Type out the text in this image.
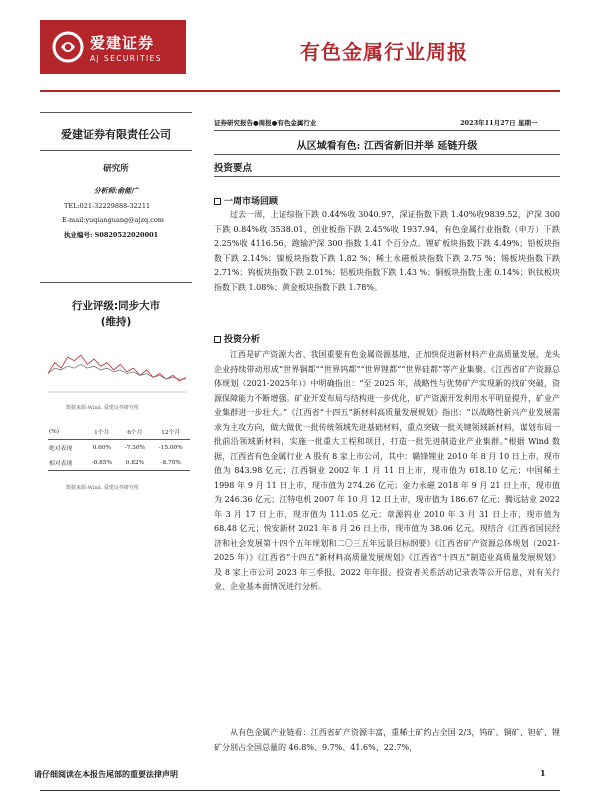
爱建证券
AJ SECURITIES	有色金属行业周报
爱建证券有限责任公司
研究所
分析师:俞能广
TEL:021-32229888-32211
E-mail:yuqianguang@ajzq.com
执业编号: S0820522020001
行业评级:同步大市
(维持)
数据来源:Wind, 爱建证券研究所
(%)	1个月	6个月	12个月
绝对表现	0.60%	-7.30%	-15.00%
相对表现	-0.85%	0.82%	-8.70%
数据来源:Wind, 爱建证券研究所
证券研究报告●周报●有色金属行业	2023年11月27日 星期一
从区域看有色: 江西省新旧并举 延链升级
投资要点
一周市场回顾
过去一周，上证综指下跌 0.44%收 3040.97，深证指数下跌 1.40%收9839.52，沪深 300 下跌 0.84%收 3538.01，创业板指下跌 2.45%收 1937.94，有色金属行业指数（申万）下跌 2.25%收 4116.56，跑输沪深 300 指数 1.41 个百分点。锂矿板块指数下跌 4.49%；铅板块指数下跌 2.14%；镍板块指数下跌 1.82 %；稀土永磁板块指数下跌 2.75 %；锡板块指数下跌 2.71%；钨板块指数下跌 2.01%；铝板块指数下跌 1.43 %；铜板块指数上涨 0.14%；钒钛板块指数下跌 1.08%；黄金板块指数下跌 1.78%。
投资分析
江西是矿产资源大省、我国重要有色金属资源基地，正加快促进新材料产业高质量发展，龙头企业持续带动形成“世界铜都”“世界钨都”“世界锂都”“世界硅都”等产业集聚。《江西省矿产资源总体规划（2021-2025年）》中明确指出：“至 2025 年，战略性与优势矿产实现新的找矿突破，资源保障能力不断增强。矿业开发布局与结构进一步优化，矿产资源开发利用水平明显提升，矿业产业集群进一步壮大。”《江西省“十四五”新材料高质量发展规划》指出：“以战略性新兴产业发展需求为主攻方向，做大做优一批传统领域先进基础材料，重点突破一批关键领域新材料，谋划布局一批前沿领域新材料，实施一批重大工程和项目，打造一批先进制造业产业集群。”根据 Wind 数据，江西省有色金属行业 A 股有 8 家上市公司，其中：赣锋锂业 2010 年 8 月 10 日上市，现市值为 843.98 亿元；江西铜业 2002 年 1 月 11 日上市，现市值为 618.10 亿元；中国稀土 1998 年 9 月 11 日上市，现市值为 274.26 亿元；金力永磁 2018 年 9 月 21 日上市，现市值为 246.36 亿元；江特电机 2007 年 10 月 12 日上市，现市值为 186.67 亿元；腾远钴业 2022 年 3 月 17 日上市，现市值为 111.05 亿元；章源钨业 2010 年 3 月 31 日上市，现市值为 68.48 亿元；悦安新材 2021 年 8 月 26 日上市，现市值为 38.06 亿元。现结合《江西省国民经济和社会发展第十四个五年规划和二〇三五年远景目标纲要》《江西省矿产资源总体规划（2021-2025 年）》《江西省“十四五”新材料高质量发展规划》《江西省“十四五”制造业高质量发展规划》及 8 家上市公司 2023 年三季报、2022 年年报、投资者关系活动记录表等公开信息，对有关行业、企业基本面情况进行分析。
从有色金属产业链看：江西省矿产资源丰富，重稀土矿约占全国 2/3，钨矿、铜矿、钽矿、锂矿分别占全国总量的 46.8%、9.7%、41.6%、22.7%，
请仔细阅读在本报告尾部的重要法律声明	1
